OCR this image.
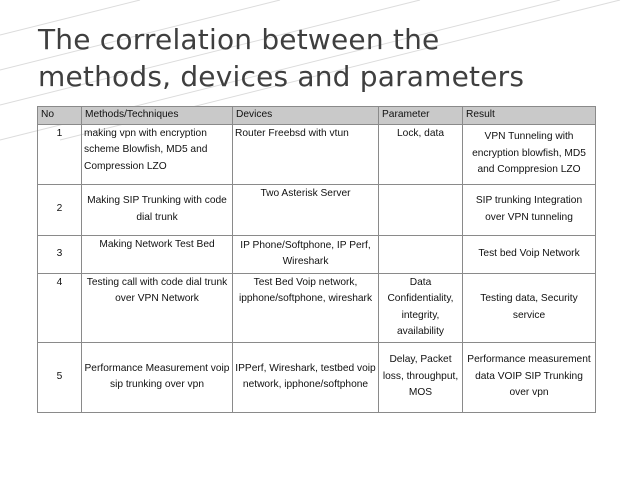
The correlation between the
methods, devices and parameters
No	Methods/Techniques	Devices	Parameter	Result
1	making vpn with encryption scheme Blowfish, MD5 and Compression LZO	Router Freebsd with vtun	Lock, data	VPN Tunneling with encryption blowfish, MD5 and Comppresion LZO
2	Making SIP Trunking with code dial trunk	Two Asterisk Server		SIP trunking Integration over VPN tunneling
3	Making Network Test Bed	IP Phone/Softphone, IP Perf, Wireshark		Test bed Voip Network
4	Testing call with code dial trunk over VPN Network	Test Bed Voip network, ipphone/softphone, wireshark	Data Confidentiality, integrity, availability	Testing data, Security service
5	Performance Measurement voip sip trunking over vpn	IPPerf, Wireshark, testbed voip network, ipphone/softphone	Delay, Packet loss, throughput, MOS	Performance measurement data VOIP SIP Trunking over vpn
